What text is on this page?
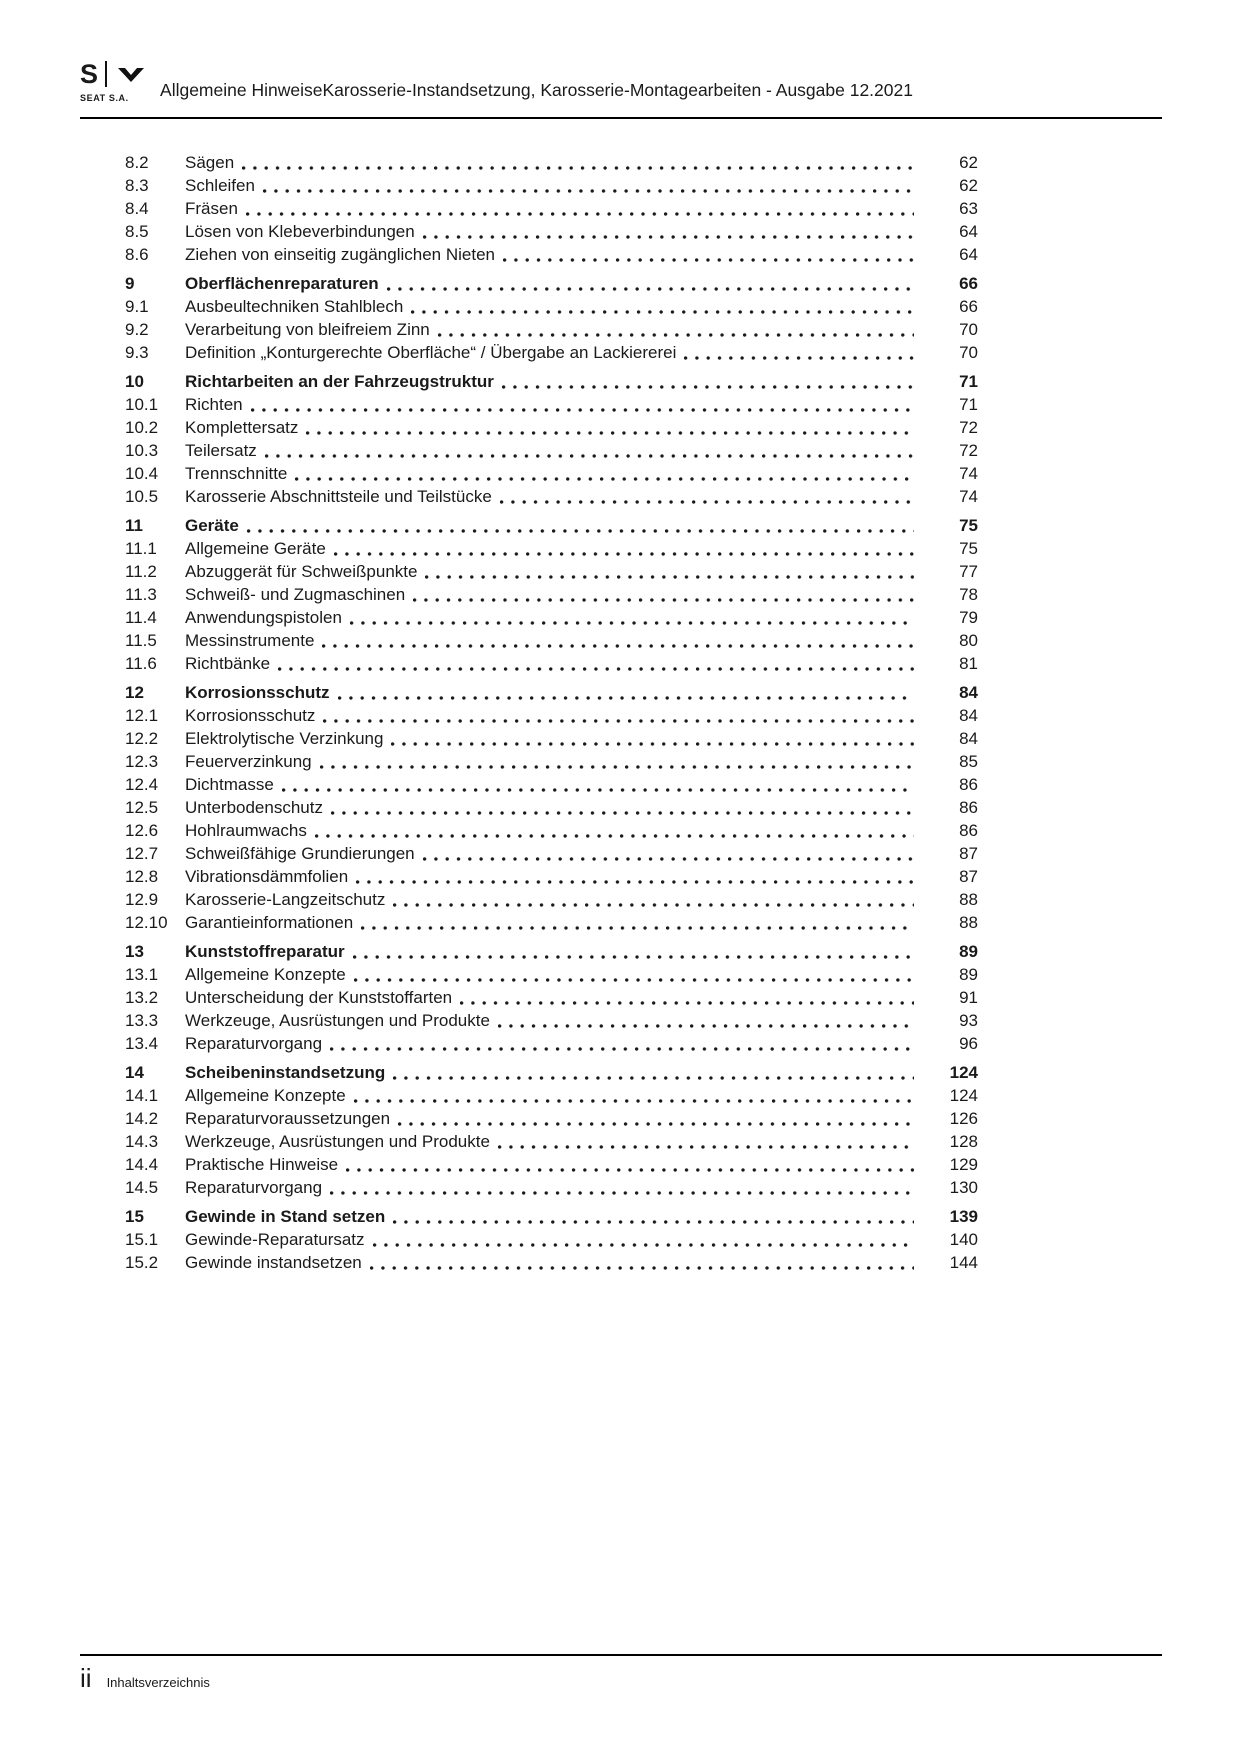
S
SEAT S.A.	Allgemeine HinweiseKarosserie-Instandsetzung, Karosserie-Montagearbeiten - Ausgabe 12.2021
8.2	Sägen	62
8.3	Schleifen	62
8.4	Fräsen	63
8.5	Lösen von Klebeverbindungen	64
8.6	Ziehen von einseitig zugänglichen Nieten	64
9	Oberflächenreparaturen	66
9.1	Ausbeultechniken Stahlblech	66
9.2	Verarbeitung von bleifreiem Zinn	70
9.3	Definition „Konturgerechte Oberfläche“ / Übergabe an Lackiererei	70
10	Richtarbeiten an der Fahrzeugstruktur	71
10.1	Richten	71
10.2	Komplettersatz	72
10.3	Teilersatz	72
10.4	Trennschnitte	74
10.5	Karosserie Abschnittsteile und Teilstücke	74
11	Geräte	75
11.1	Allgemeine Geräte	75
11.2	Abzuggerät für Schweißpunkte	77
11.3	Schweiß- und Zugmaschinen	78
11.4	Anwendungspistolen	79
11.5	Messinstrumente	80
11.6	Richtbänke	81
12	Korrosionsschutz	84
12.1	Korrosionsschutz	84
12.2	Elektrolytische Verzinkung	84
12.3	Feuerverzinkung	85
12.4	Dichtmasse	86
12.5	Unterbodenschutz	86
12.6	Hohlraumwachs	86
12.7	Schweißfähige Grundierungen	87
12.8	Vibrationsdämmfolien	87
12.9	Karosserie-Langzeitschutz	88
12.10	Garantieinformationen	88
13	Kunststoffreparatur	89
13.1	Allgemeine Konzepte	89
13.2	Unterscheidung der Kunststoffarten	91
13.3	Werkzeuge, Ausrüstungen und Produkte	93
13.4	Reparaturvorgang	96
14	Scheibeninstandsetzung	124
14.1	Allgemeine Konzepte	124
14.2	Reparaturvoraussetzungen	126
14.3	Werkzeuge, Ausrüstungen und Produkte	128
14.4	Praktische Hinweise	129
14.5	Reparaturvorgang	130
15	Gewinde in Stand setzen	139
15.1	Gewinde-Reparatursatz	140
15.2	Gewinde instandsetzen	144
ii Inhaltsverzeichnis
